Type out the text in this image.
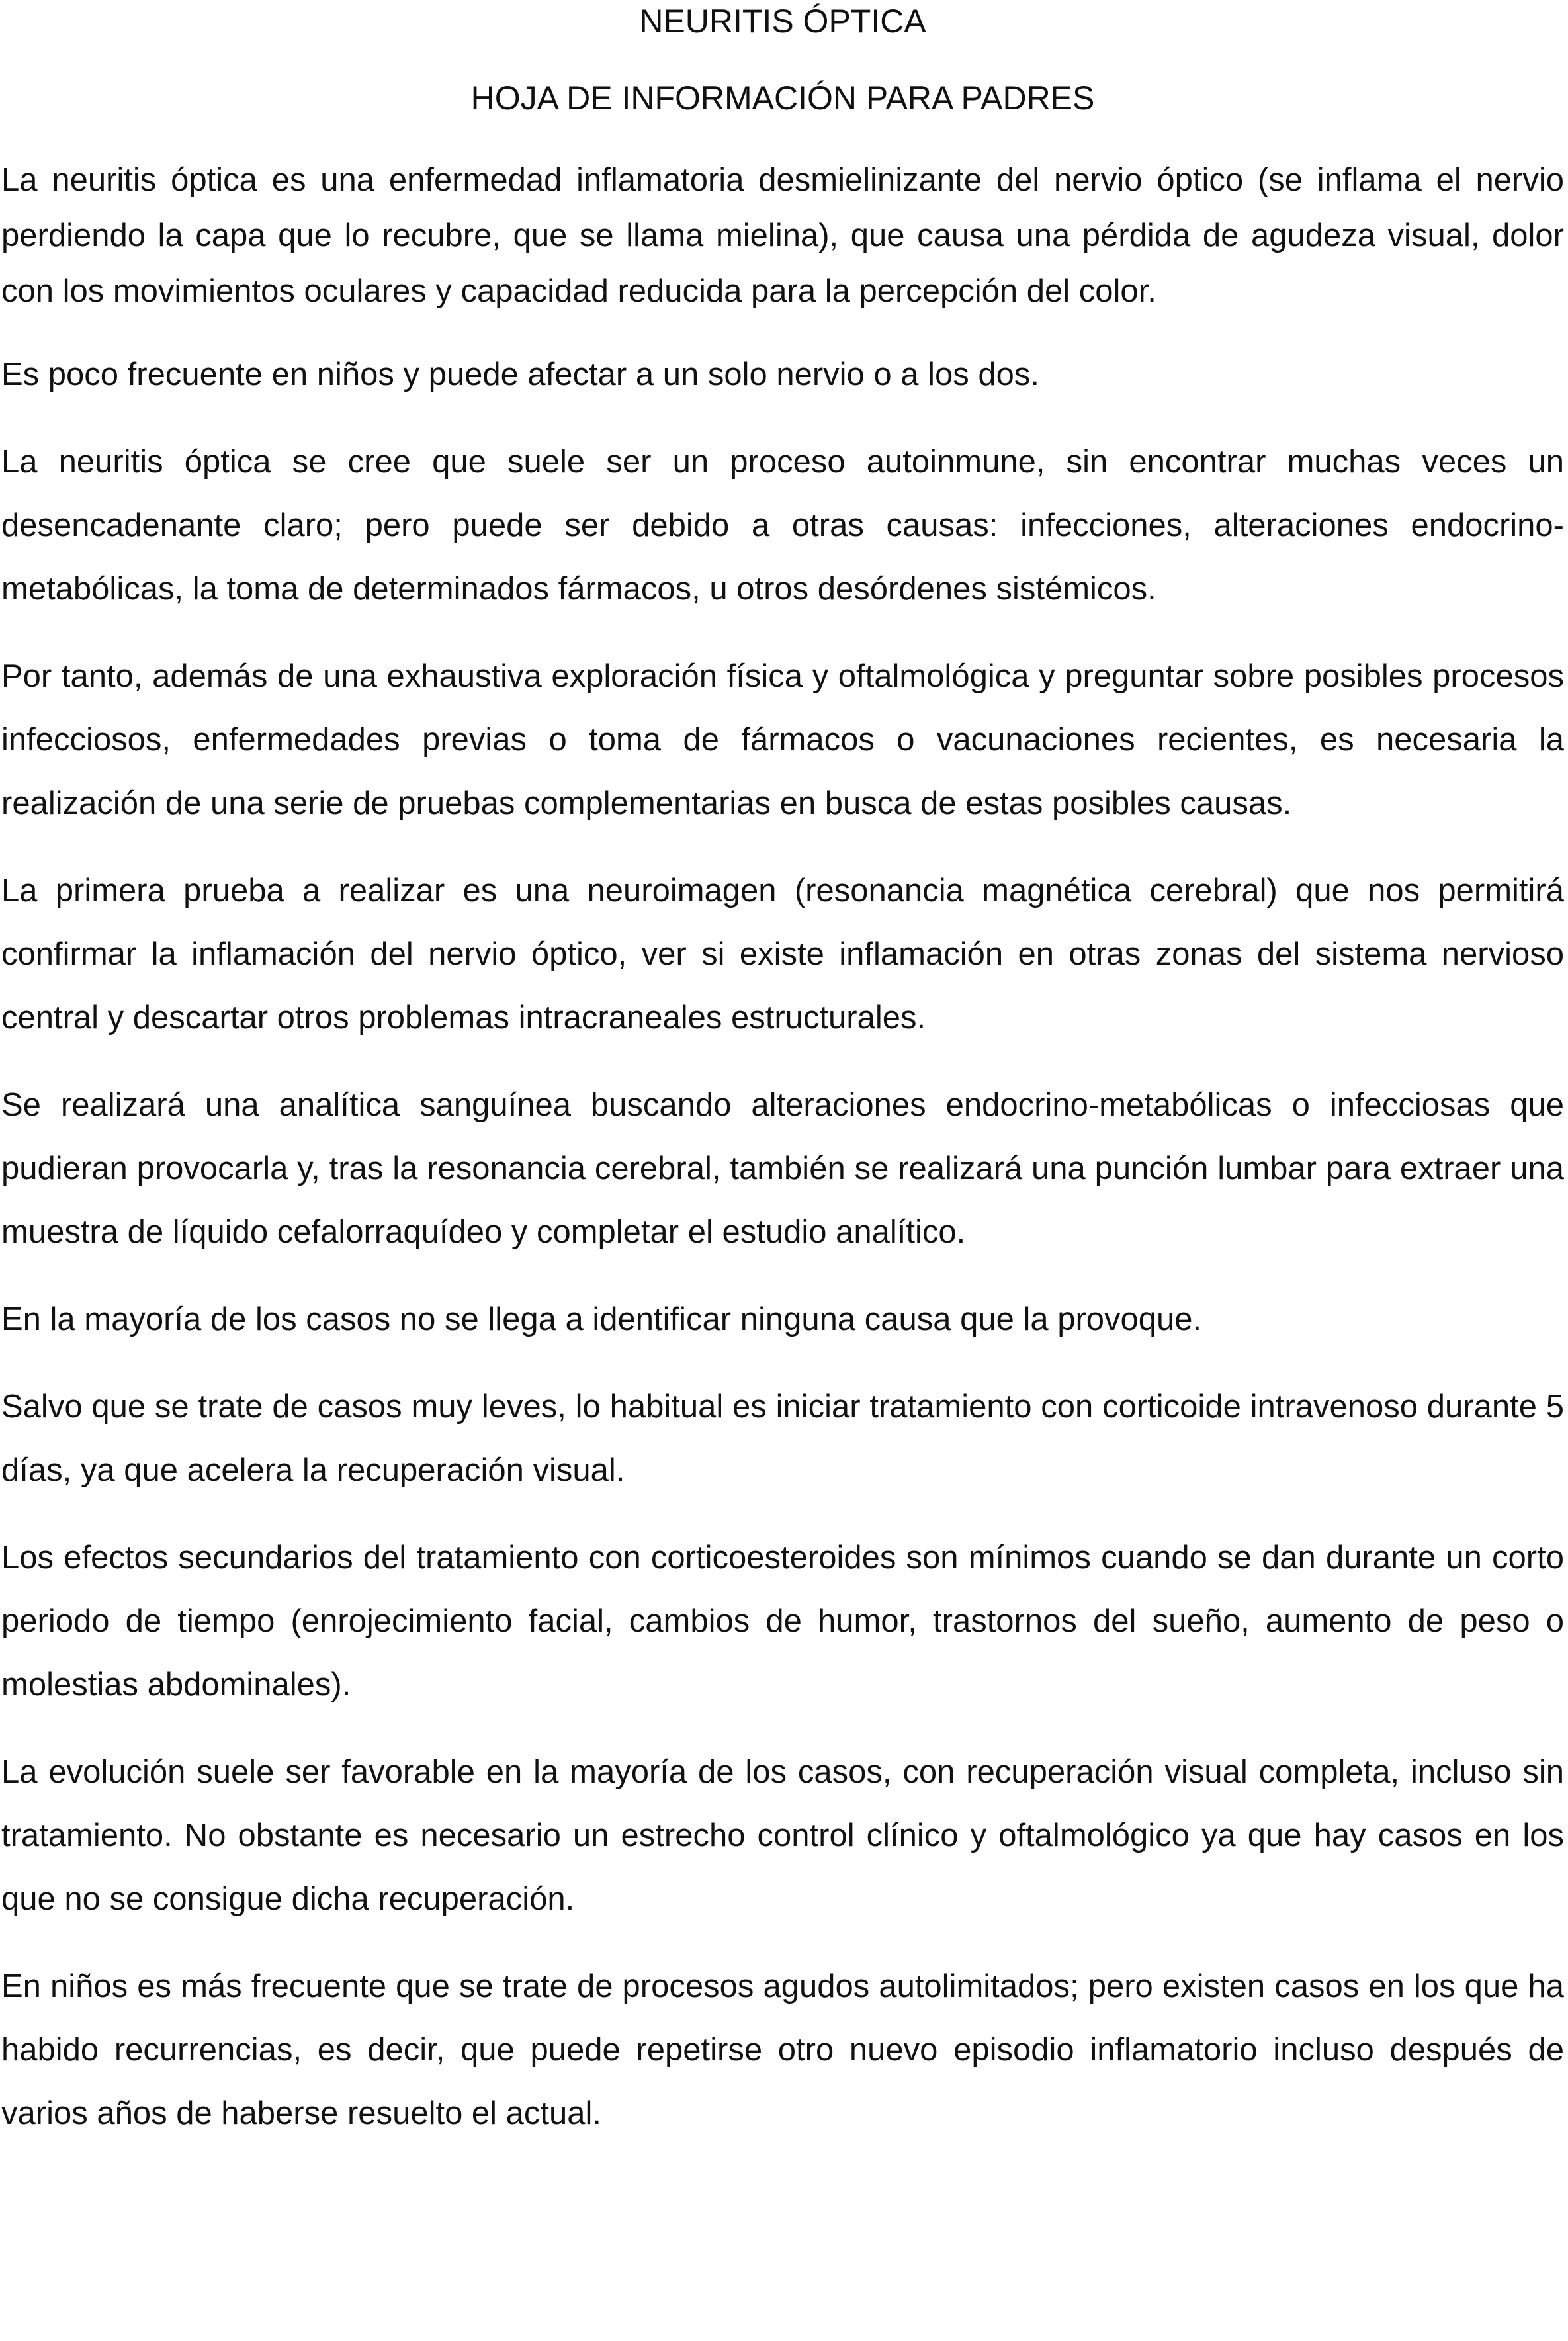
NEURITIS ÓPTICA
HOJA DE INFORMACIÓN PARA PADRES

La neuritis óptica es una enfermedad inflamatoria desmielinizante del nervio óptico (se inflama el nervio perdiendo la capa que lo recubre, que se llama mielina), que causa una pérdida de agudeza visual, dolor con los movimientos oculares y capacidad reducida para la percepción del color.

Es poco frecuente en niños y puede afectar a un solo nervio o a los dos.

La neuritis óptica se cree que suele ser un proceso autoinmune, sin encontrar muchas veces un desencadenante claro; pero puede ser debido a otras causas: infecciones, alteraciones endocrino-metabólicas, la toma de determinados fármacos, u otros desórdenes sistémicos.

Por tanto, además de una exhaustiva exploración física y oftalmológica y preguntar sobre posibles procesos infecciosos, enfermedades previas o toma de fármacos o vacunaciones recientes, es necesaria la realización de una serie de pruebas complementarias en busca de estas posibles causas.

La primera prueba a realizar es una neuroimagen (resonancia magnética cerebral) que nos permitirá confirmar la inflamación del nervio óptico, ver si existe inflamación en otras zonas del sistema nervioso central y descartar otros problemas intracraneales estructurales.

Se realizará una analítica sanguínea buscando alteraciones endocrino-metabólicas o infecciosas que pudieran provocarla y, tras la resonancia cerebral, también se realizará una punción lumbar para extraer una muestra de líquido cefalorraquídeo y completar el estudio analítico.

En la mayoría de los casos no se llega a identificar ninguna causa que la provoque.

Salvo que se trate de casos muy leves, lo habitual es iniciar tratamiento con corticoide intravenoso durante 5 días, ya que acelera la recuperación visual.

Los efectos secundarios del tratamiento con corticoesteroides son mínimos cuando se dan durante un corto periodo de tiempo (enrojecimiento facial, cambios de humor, trastornos del sueño, aumento de peso o molestias abdominales).

La evolución suele ser favorable en la mayoría de los casos, con recuperación visual completa, incluso sin tratamiento. No obstante es necesario un estrecho control clínico y oftalmológico ya que hay casos en los que no se consigue dicha recuperación.

En niños es más frecuente que se trate de procesos agudos autolimitados; pero existen casos en los que ha habido recurrencias, es decir, que puede repetirse otro nuevo episodio inflamatorio incluso después de varios años de haberse resuelto el actual.
